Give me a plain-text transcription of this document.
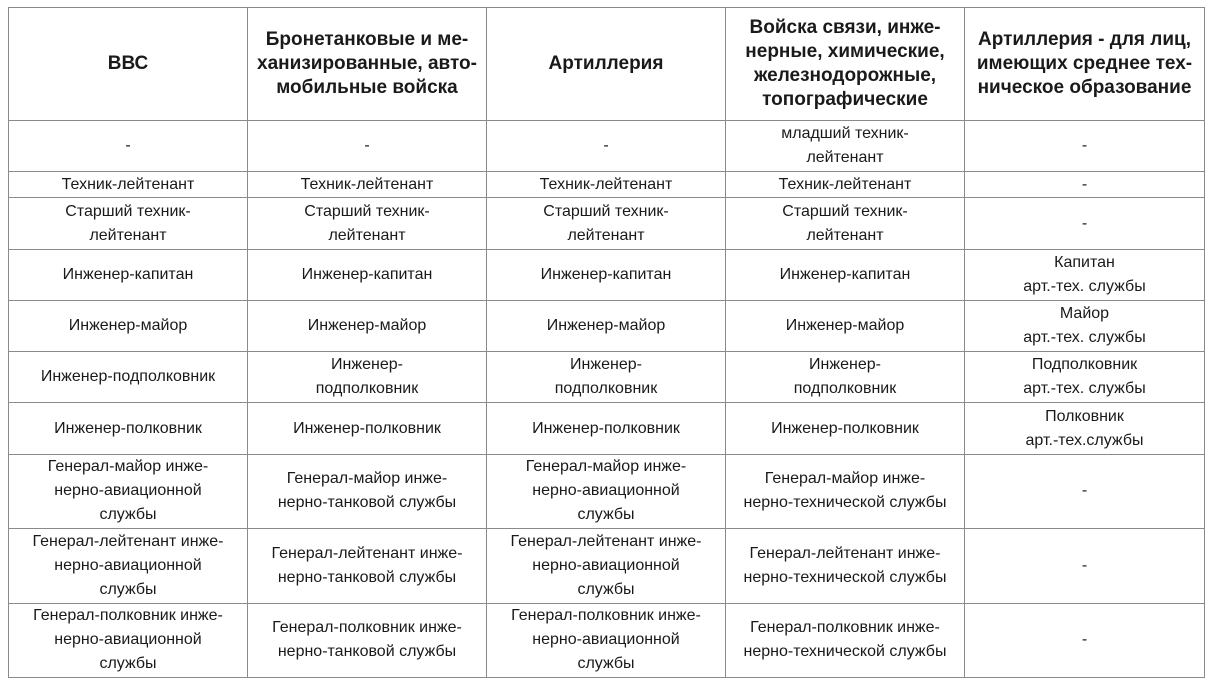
ВВС	Бронетанковые и ме-
ханизированные, авто-
мобильные войска	Артиллерия	Войска связи, инже-
нерные, химические,
железнодорожные,
топографические	Артиллерия - для лиц,
имеющих среднее тех-
ническое образование
-	-	-	младший техник-
лейтенант	-
Техник-лейтенант	Техник-лейтенант	Техник-лейтенант	Техник-лейтенант	-
Старший техник-
лейтенант	Старший техник-
лейтенант	Старший техник-
лейтенант	Старший техник-
лейтенант	-
Инженер-капитан	Инженер-капитан	Инженер-капитан	Инженер-капитан	Капитан
арт.-тех. службы
Инженер-майор	Инженер-майор	Инженер-майор	Инженер-майор	Майор
арт.-тех. службы
Инженер-подполковник	Инженер-
подполковник	Инженер-
подполковник	Инженер-
подполковник	Подполковник
арт.-тех. службы
Инженер-полковник	Инженер-полковник	Инженер-полковник	Инженер-полковник	Полковник
арт.-тех.службы
Генерал-майор инже-
нерно-авиационной
службы	Генерал-майор инже-
нерно-танковой службы	Генерал-майор инже-
нерно-авиационной
службы	Генерал-майор инже-
нерно-технической службы	-
Генерал-лейтенант инже-
нерно-авиационной
службы	Генерал-лейтенант инже-
нерно-танковой службы	Генерал-лейтенант инже-
нерно-авиационной
службы	Генерал-лейтенант инже-
нерно-технической службы	-
Генерал-полковник инже-
нерно-авиационной
службы	Генерал-полковник инже-
нерно-танковой службы	Генерал-полковник инже-
нерно-авиационной
службы	Генерал-полковник инже-
нерно-технической службы	-
